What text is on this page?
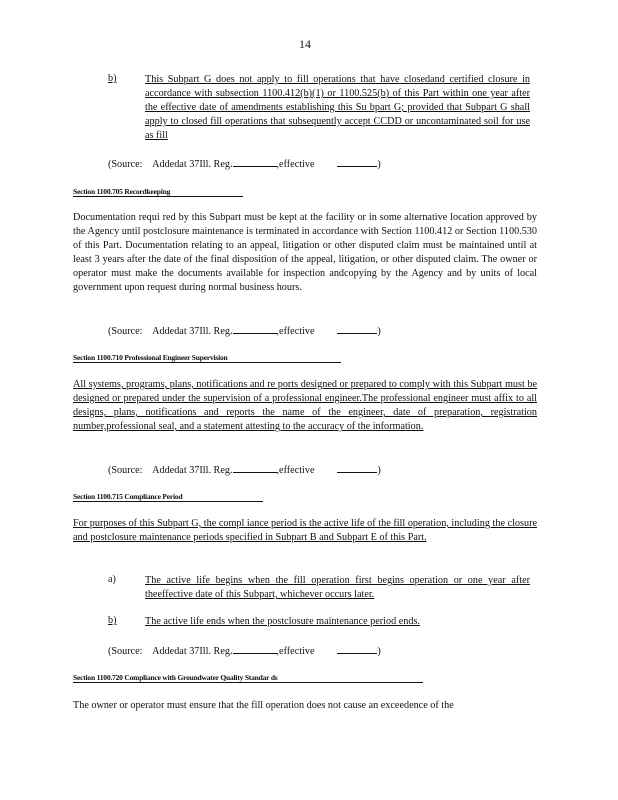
14
b)	This Subpart G does not apply to fill operations that have closedand certified closure in accordance with subsection 1100.412(b)(1) or 1100.525(b) of this Part within one year after the effective date of amendments establishing this Su bpart G; provided that Subpart G shall apply to closed fill operations that subsequently accept CCDD or uncontaminated soil for use as fill
(Source: Addedat 37Ill. Reg.	,effective	)
Section 1100.705 Recordkeeping
Documentation requi red by this Subpart must be kept at the facility or in some alternative location approved by the Agency until postclosure maintenance is terminated in accordance with Section 1100.412 or Section 1100.530 of this Part. Documentation relating to an appeal, litigation or other disputed claim must be maintained until at least 3 years after the date of the final disposition of the appeal, litigation, or other disputed claim. The owner or operator must make the documents available for inspection andcopying by the Agency and by units of local government upon request during normal business hours.
(Source: Addedat 37Ill. Reg.	,effective	)
Section 1100.710 Professional Engineer Supervision
All systems, programs, plans, notifications and re ports designed or prepared to comply with this Subpart must be designed or prepared under the supervision of a professional engineer.The professional engineer must affix to all designs, plans, notifications and reports the name of the engineer, date of preparation, registration number,professional seal, and a statement attesting to the accuracy of the information.
(Source: Addedat 37Ill. Reg.	,effective	)
Section 1100.715 Compliance Period
For purposes of this Subpart G, the compl iance period is the active life of the fill operation, including the closure and postclosure maintenance periods specified in Subpart B and Subpart E of this Part.
a)	The active life begins when the fill operation first begins operation or one year after theeffective date of this Subpart, whichever occurs later.
b)	The active life ends when the postclosure maintenance period ends.
(Source: Addedat 37Ill. Reg.	,effective	)
Section 1100.720 Compliance with Groundwater Quality Standar ds
The owner or operator must ensure that the fill operation does not cause an exceedence of the
